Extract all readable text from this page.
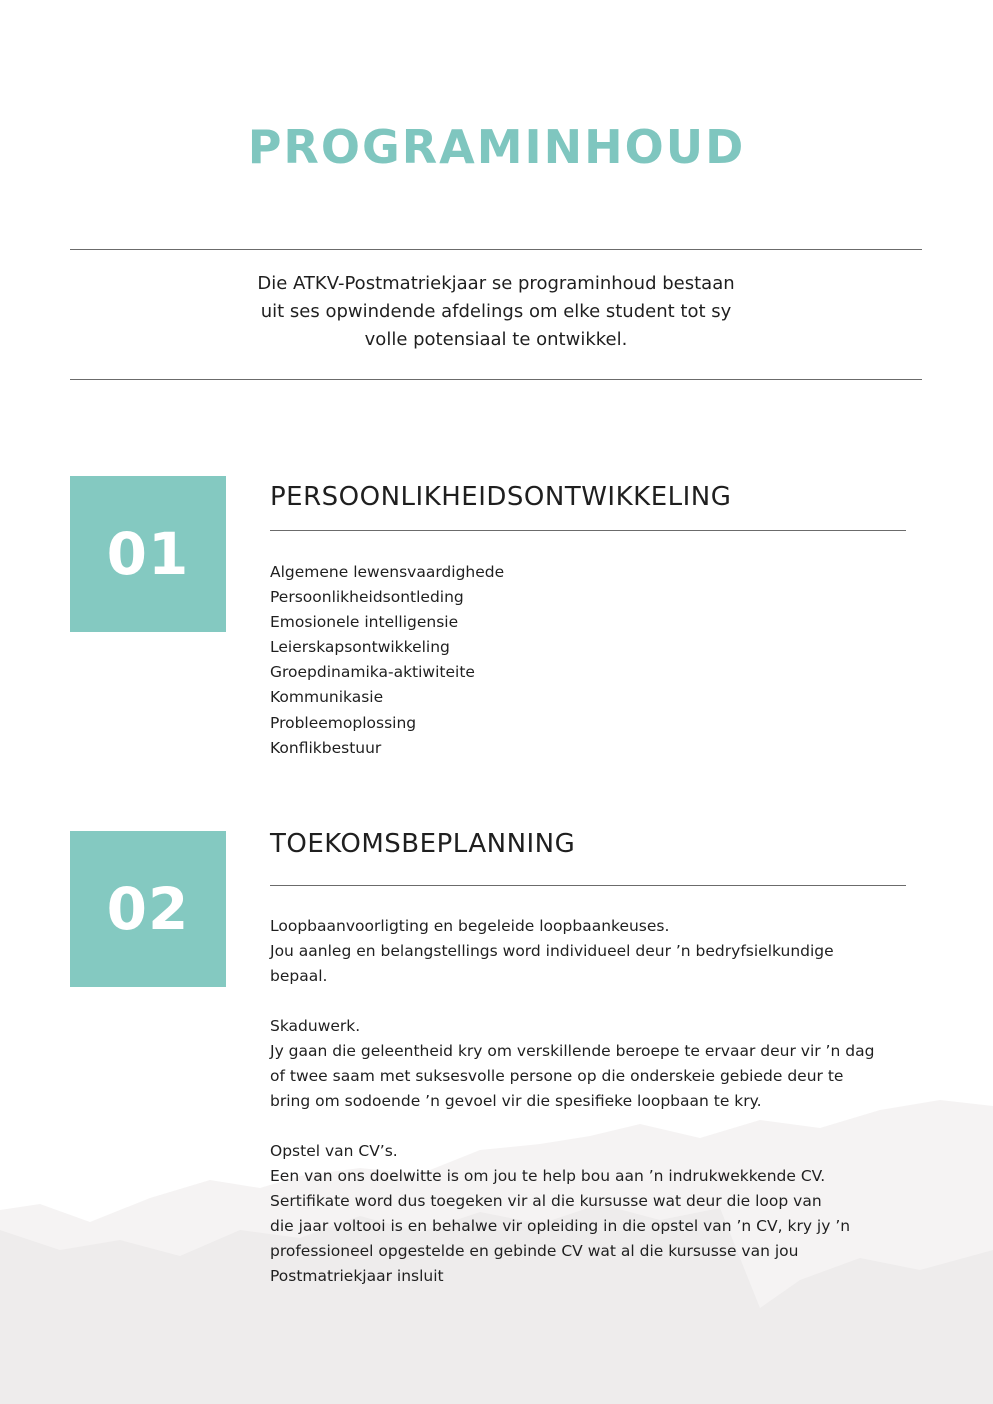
PROGRAMINHOUD
Die ATKV-Postmatriekjaar se programinhoud bestaan
uit ses opwindende afdelings om elke student tot sy
volle potensiaal te ontwikkel.
01
PERSOONLIKHEIDSONTWIKKELING
Algemene lewensvaardighede
Persoonlikheidsontleding
Emosionele intelligensie
Leierskapsontwikkeling
Groepdinamika-aktiwiteite
Kommunikasie
Probleemoplossing
Konflikbestuur
02
TOEKOMSBEPLANNING

Loopbaanvoorligting en begeleide loopbaankeuses.
Jou aanleg en belangstellings word individueel deur ’n bedryfsielkundige
bepaal.

Skaduwerk.
Jy gaan die geleentheid kry om verskillende beroepe te ervaar deur vir ’n dag
of twee saam met suksesvolle persone op die onderskeie gebiede deur te
bring om sodoende ’n gevoel vir die spesifieke loopbaan te kry.

Opstel van CV’s.
Een van ons doelwitte is om jou te help bou aan ’n indrukwekkende CV.
Sertifikate word dus toegeken vir al die kursusse wat deur die loop van
die jaar voltooi is en behalwe vir opleiding in die opstel van ’n CV, kry jy ’n
professioneel opgestelde en gebinde CV wat al die kursusse van jou
Postmatriekjaar insluit
